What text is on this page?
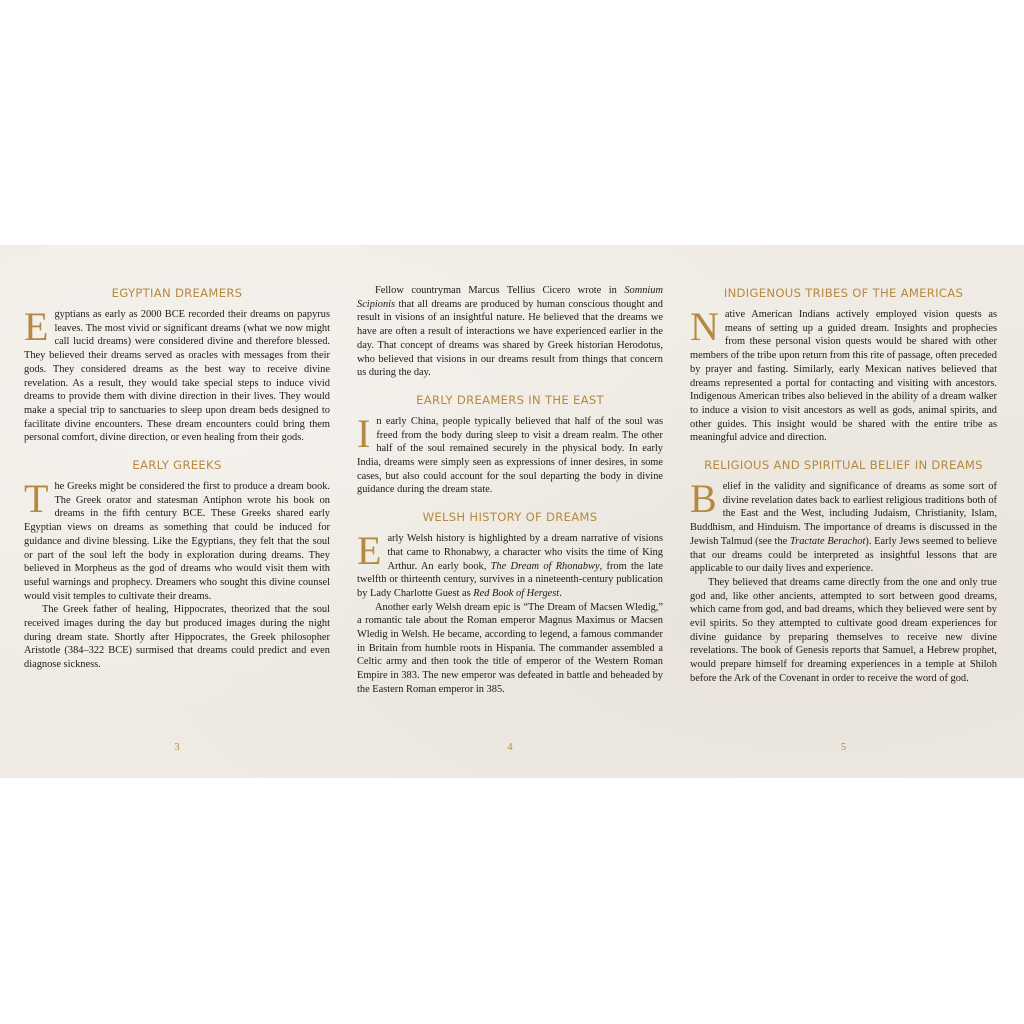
EGYPTIAN DREAMERS

Egyptians as early as 2000 BCE recorded their dreams on papyrus leaves. The most vivid or significant dreams (what we now might call lucid dreams) were considered divine and therefore blessed. They believed their dreams served as oracles with messages from their gods. They considered dreams as the best way to receive divine revelation. As a result, they would take special steps to induce vivid dreams to provide them with divine direction in their lives. They would make a special trip to sanctuaries to sleep upon dream beds designed to facilitate divine encounters. These dream encounters could bring them personal comfort, divine direction, or even healing from their gods.

EARLY GREEKS

The Greeks might be considered the first to produce a dream book. The Greek orator and statesman Antiphon wrote his book on dreams in the fifth century BCE. These Greeks shared early Egyptian views on dreams as something that could be induced for guidance and divine blessing. Like the Egyptians, they felt that the soul or part of the soul left the body in exploration during dreams. They believed in Morpheus as the god of dreams who would visit them with useful warnings and prophecy. Dreamers who sought this divine counsel would visit temples to cultivate their dreams.

The Greek father of healing, Hippocrates, theorized that the soul received images during the day but produced images during the night during dream state. Shortly after Hippocrates, the Greek philosopher Aristotle (384–322 BCE) surmised that dreams could predict and even diagnose sickness.

3

Fellow countryman Marcus Tellius Cicero wrote in Somnium Scipionis that all dreams are produced by human conscious thought and result in visions of an insightful nature. He believed that the dreams we have are often a result of interactions we have experienced earlier in the day. That concept of dreams was shared by Greek historian Herodotus, who believed that visions in our dreams result from things that concern us during the day.

EARLY DREAMERS IN THE EAST

In early China, people typically believed that half of the soul was freed from the body during sleep to visit a dream realm. The other half of the soul remained securely in the physical body. In early India, dreams were simply seen as expressions of inner desires, in some cases, but also could account for the soul departing the body in divine guidance during the dream state.

WELSH HISTORY OF DREAMS

Early Welsh history is highlighted by a dream narrative of visions that came to Rhonabwy, a character who visits the time of King Arthur. An early book, The Dream of Rhonabwy, from the late twelfth or thirteenth century, survives in a nineteenth-century publication by Lady Charlotte Guest as Red Book of Hergest.

Another early Welsh dream epic is “The Dream of Macsen Wledig,” a romantic tale about the Roman emperor Magnus Maximus or Macsen Wledig in Welsh. He became, according to legend, a famous commander in Britain from humble roots in Hispania. The commander assembled a Celtic army and then took the title of emperor of the Western Roman Empire in 383. The new emperor was defeated in battle and beheaded by the Eastern Roman emperor in 385.

4
INDIGENOUS TRIBES OF THE AMERICAS

Native American Indians actively employed vision quests as means of setting up a guided dream. Insights and prophecies from these personal vision quests would be shared with other members of the tribe upon return from this rite of passage, often preceded by prayer and fasting. Similarly, early Mexican natives believed that dreams represented a portal for contacting and visiting with ancestors. Indigenous American tribes also believed in the ability of a dream walker to induce a vision to visit ancestors as well as gods, animal spirits, and other guides. This insight would be shared with the entire tribe as meaningful advice and direction.

RELIGIOUS AND SPIRITUAL BELIEF IN DREAMS

Belief in the validity and significance of dreams as some sort of divine revelation dates back to earliest religious traditions both of the East and the West, including Judaism, Christianity, Islam, Buddhism, and Hinduism. The importance of dreams is discussed in the Jewish Talmud (see the Tractate Berachot). Early Jews seemed to believe that our dreams could be interpreted as insightful lessons that are applicable to our daily lives and experience.

They believed that dreams came directly from the one and only true god and, like other ancients, attempted to sort between good dreams, which came from god, and bad dreams, which they believed were sent by evil spirits. So they attempted to cultivate good dream experiences for divine guidance by preparing themselves to receive new divine revelations. The book of Genesis reports that Samuel, a Hebrew prophet, would prepare himself for dreaming experiences in a temple at Shiloh before the Ark of the Covenant in order to receive the word of god.

5
